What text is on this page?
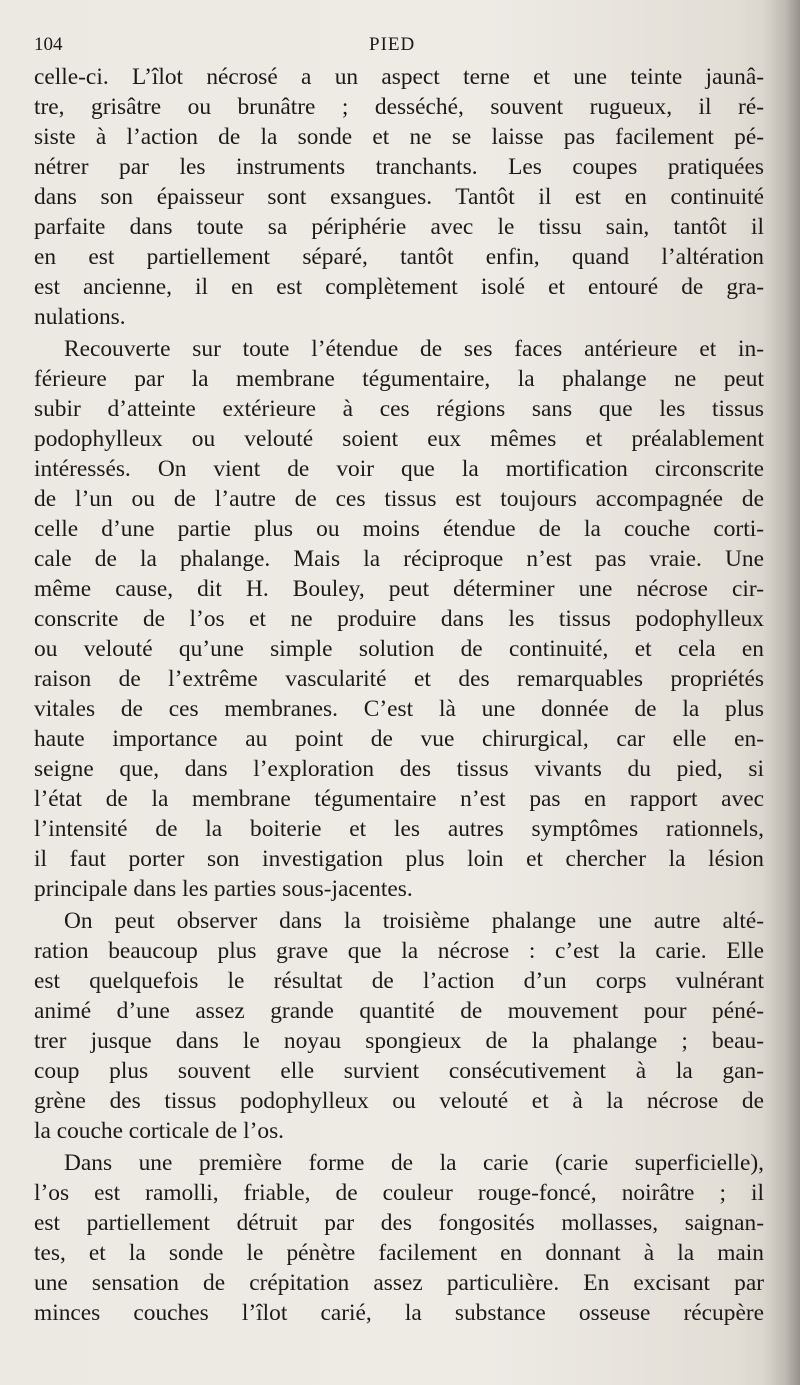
104	PIED
celle-ci. L’îlot nécrosé a un aspect terne et une teinte jaunâ-
tre, grisâtre ou brunâtre ; desséché, souvent rugueux, il ré-
siste à l’action de la sonde et ne se laisse pas facilement pé-
nétrer par les instruments tranchants. Les coupes pratiquées
dans son épaisseur sont exsangues. Tantôt il est en continuité
parfaite dans toute sa périphérie avec le tissu sain, tantôt il
en est partiellement séparé, tantôt enfin, quand l’altération
est ancienne, il en est complètement isolé et entouré de gra-
nulations.
Recouverte sur toute l’étendue de ses faces antérieure et in-
férieure par la membrane tégumentaire, la phalange ne peut
subir d’atteinte extérieure à ces régions sans que les tissus
podophylleux ou velouté soient eux mêmes et préalablement
intéressés. On vient de voir que la mortification circonscrite
de l’un ou de l’autre de ces tissus est toujours accompagnée de
celle d’une partie plus ou moins étendue de la couche corti-
cale de la phalange. Mais la réciproque n’est pas vraie. Une
même cause, dit H. Bouley, peut déterminer une nécrose cir-
conscrite de l’os et ne produire dans les tissus podophylleux
ou velouté qu’une simple solution de continuité, et cela en
raison de l’extrême vascularité et des remarquables propriétés
vitales de ces membranes. C’est là une donnée de la plus
haute importance au point de vue chirurgical, car elle en-
seigne que, dans l’exploration des tissus vivants du pied, si
l’état de la membrane tégumentaire n’est pas en rapport avec
l’intensité de la boiterie et les autres symptômes rationnels,
il faut porter son investigation plus loin et chercher la lésion
principale dans les parties sous-jacentes.
On peut observer dans la troisième phalange une autre alté-
ration beaucoup plus grave que la nécrose : c’est la carie. Elle
est quelquefois le résultat de l’action d’un corps vulnérant
animé d’une assez grande quantité de mouvement pour péné-
trer jusque dans le noyau spongieux de la phalange ; beau-
coup plus souvent elle survient consécutivement à la gan-
grène des tissus podophylleux ou velouté et à la nécrose de
la couche corticale de l’os.
Dans une première forme de la carie (carie superficielle),
l’os est ramolli, friable, de couleur rouge-foncé, noirâtre ; il
est partiellement détruit par des fongosités mollasses, saignan-
tes, et la sonde le pénètre facilement en donnant à la main
une sensation de crépitation assez particulière. En excisant par
minces couches l’îlot carié, la substance osseuse récupère
